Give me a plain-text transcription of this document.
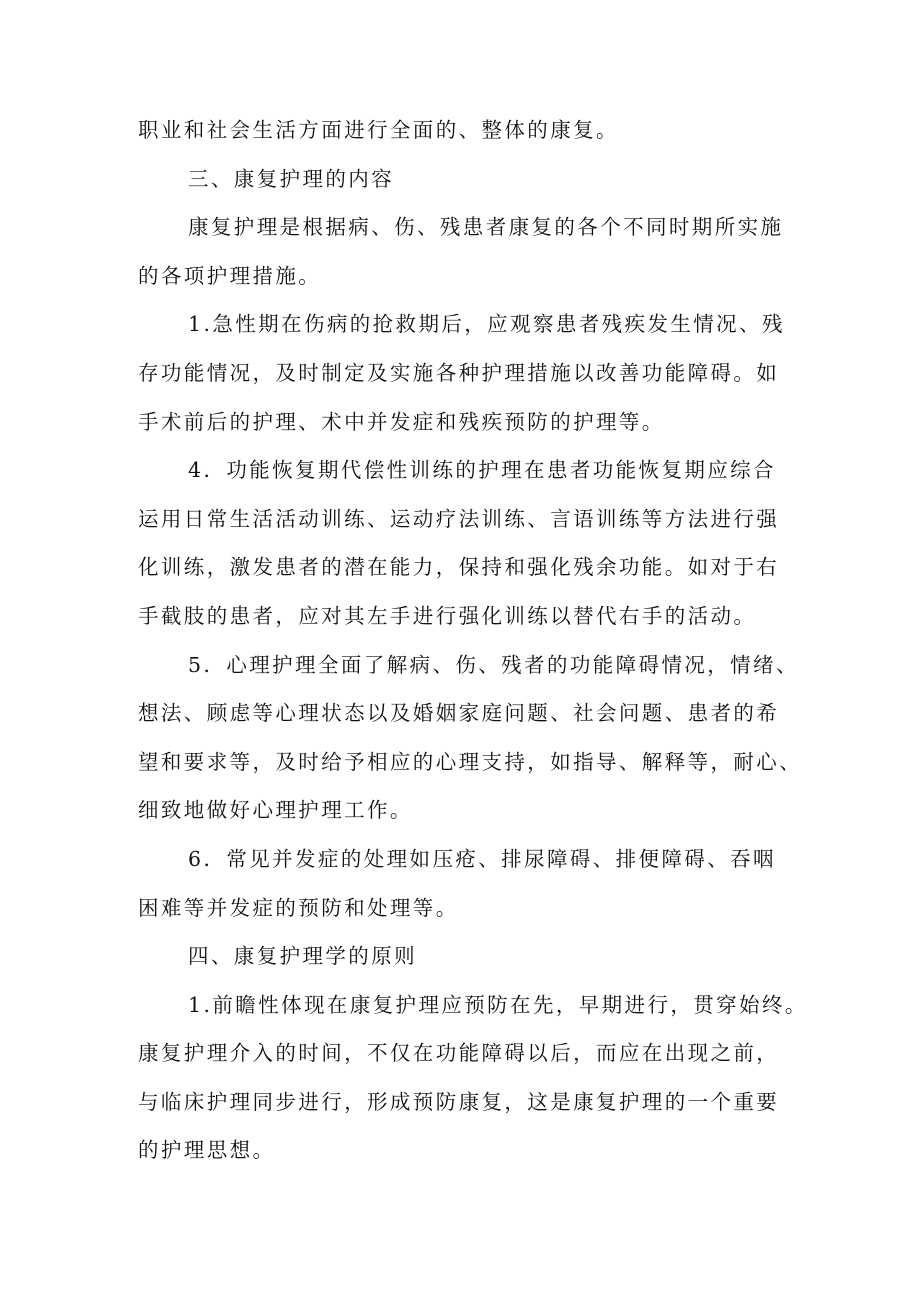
职业和社会生活方面进行全面的、整体的康复。
三、康复护理的内容
康复护理是根据病、伤、残患者康复的各个不同时期所实施
的各项护理措施。
1.急性期在伤病的抢救期后，应观察患者残疾发生情况、残
存功能情况，及时制定及实施各种护理措施以改善功能障碍。如
手术前后的护理、术中并发症和残疾预防的护理等。
4．功能恢复期代偿性训练的护理在患者功能恢复期应综合
运用日常生活活动训练、运动疗法训练、言语训练等方法进行强
化训练，激发患者的潜在能力，保持和强化残余功能。如对于右
手截肢的患者，应对其左手进行强化训练以替代右手的活动。
5．心理护理全面了解病、伤、残者的功能障碍情况，情绪、
想法、顾虑等心理状态以及婚姻家庭问题、社会问题、患者的希
望和要求等，及时给予相应的心理支持，如指导、解释等，耐心、
细致地做好心理护理工作。
6．常见并发症的处理如压疮、排尿障碍、排便障碍、吞咽
困难等并发症的预防和处理等。
四、康复护理学的原则
1.前瞻性体现在康复护理应预防在先，早期进行，贯穿始终。
康复护理介入的时间，不仅在功能障碍以后，而应在出现之前，
与临床护理同步进行，形成预防康复，这是康复护理的一个重要
的护理思想。
